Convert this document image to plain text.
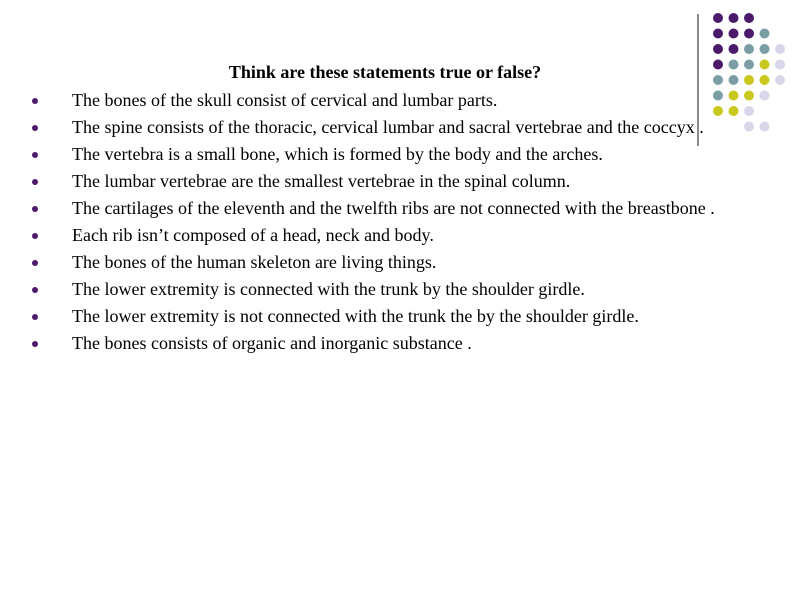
Think are these statements true or false?
The bones of the skull consist of cervical and lumbar parts.
The spine consists of the thoracic, cervical lumbar and sacral vertebrae and the coccyx .
The vertebra is a small bone, which is formed by the body and the arches.
The lumbar vertebrae are the smallest vertebrae in the spinal column.
The cartilages of the eleventh and the twelfth ribs are not connected with the breastbone .
Each rib isn’t composed of a head, neck and body.
The bones of the human skeleton are living things.
The lower extremity is connected with the trunk by the shoulder girdle.
The lower extremity is not connected with the trunk the by the shoulder girdle.
The bones consists of organic and inorganic substance .
